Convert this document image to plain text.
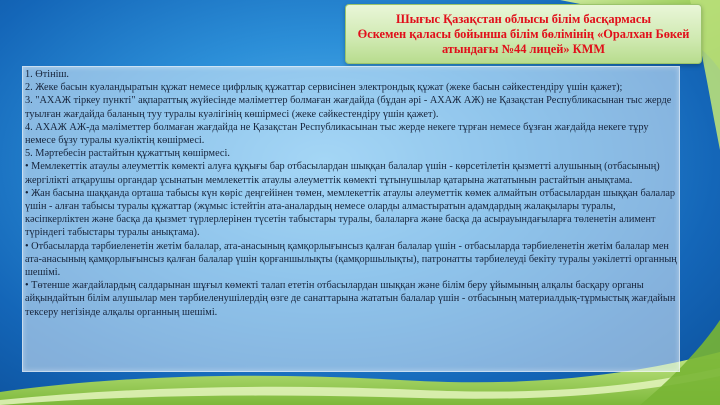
Шығыс Қазақстан облысы білім басқармасы
Өскемен қаласы бойынша білім бөлімінің «Оралхан Бөкей атындағы №44 лицей» КММ

1. Өтініш.

2. Жеке басын куәландыратын құжат немесе цифрлық құжаттар сервисінен электрондық құжат (жеке басын сәйкестендіру үшін қажет);

3. "АХАЖ тіркеу пункті" ақпараттық жүйесінде мәліметтер болмаған жағдайда (бұдан әрі - АХАЖ АЖ) не Қазақстан Республикасынан тыс жерде туылған жағдайда баланың туу туралы куәлігінің көшірмесі (жеке сәйкестендіру үшін қажет).

4. АХАЖ АЖ-да мәліметтер болмаған жағдайда не Қазақстан Республикасынан тыс жерде некеге тұрған немесе бұзған жағдайда некеге тұру немесе бұзу туралы куәліктің көшірмесі.

5. Мәртебесін растайтын құжаттың көшірмесі.

• Мемлекеттік атаулы әлеуметтік көмекті алуға құқығы бар отбасылардан шыққан балалар үшін - көрсетілетін қызметті алушының (отбасының) жергілікті атқарушы органдар ұсынатын мемлекеттік атаулы әлеуметтік көмекті тұтынушылар қатарына жататынын растайтын анықтама.

• Жан басына шаққанда орташа табысы күн көріс деңгейінен төмен, мемлекеттік атаулы әлеуметтік көмек алмайтын отбасылардан шыққан балалар үшін - алған табысы туралы құжаттар (жұмыс істейтін ата-аналардың немесе оларды алмастыратын адамдардың жалақылары туралы, кәсіпкерліктен және басқа да қызмет түрлерлерінен түсетін табыстары туралы, балаларға және басқа да асырауындағыларға төленетін алимент түріндегі табыстары туралы анықтама).

• Отбасыларда тәрбиеленетін жетім балалар, ата-анасының қамқорлығынсыз қалған балалар үшін - отбасыларда тәрбиеленетін жетім балалар мен ата-анасының қамқорлығынсыз қалған балалар үшін қорғаншылықты (қамқоршылықты), патронатты тәрбиелеуді бекіту туралы уәкілетті органның шешімі.

• Төтенше жағдайлардың салдарынан шұғыл көмекті талап ететін отбасылардан шыққан және білім беру ұйымының алқалы басқару органы айқындайтын білім алушылар мен тәрбиеленушілердің өзге де санаттарына жататын балалар үшін - отбасының материалдық-тұрмыстық жағдайын тексеру негізінде алқалы органның шешімі.
